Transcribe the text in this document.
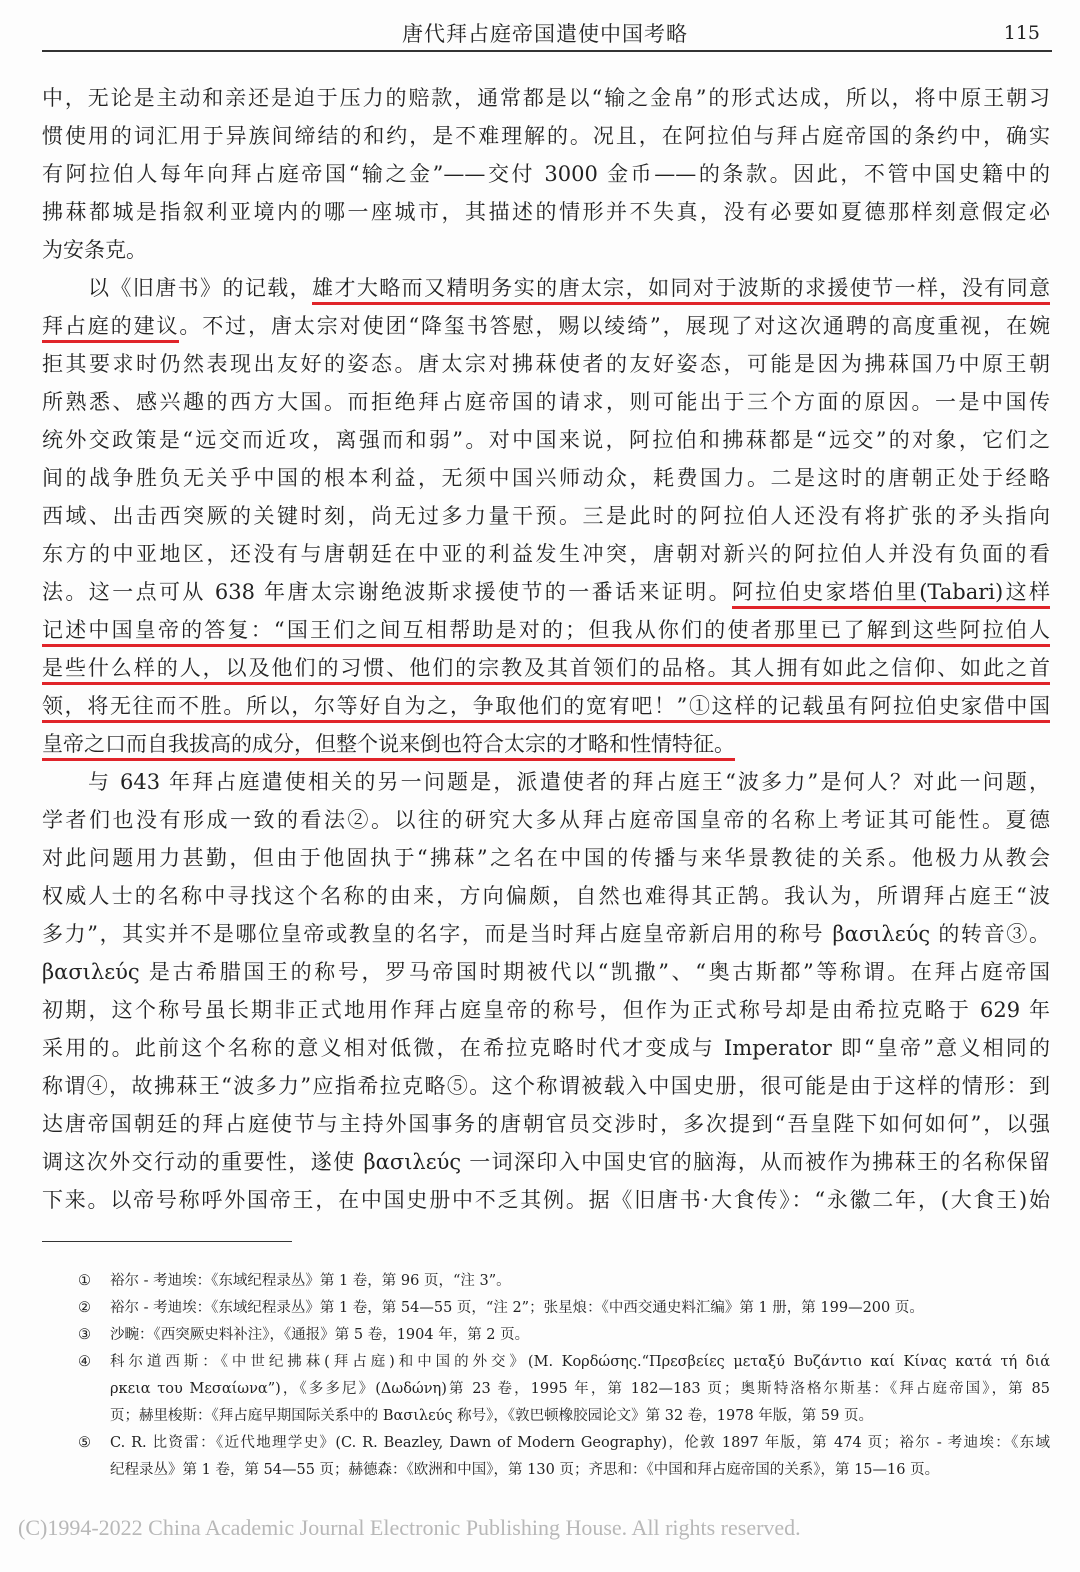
唐代拜占庭帝国遣使中国考略	115
中，无论是主动和亲还是迫于压力的赔款，通常都是以“输之金帛”的形式达成，所以，将中原王朝习
惯使用的词汇用于异族间缔结的和约，是不难理解的。况且，在阿拉伯与拜占庭帝国的条约中，确实
有阿拉伯人每年向拜占庭帝国“输之金”——交付 3000 金币——的条款。因此，不管中国史籍中的
拂菻都城是指叙利亚境内的哪一座城市，其描述的情形并不失真，没有必要如夏德那样刻意假定必
为安条克。
以《旧唐书》的记载，雄才大略而又精明务实的唐太宗，如同对于波斯的求援使节一样，没有同意
拜占庭的建议。不过，唐太宗对使团“降玺书答慰，赐以绫绮”，展现了对这次通聘的高度重视，在婉
拒其要求时仍然表现出友好的姿态。唐太宗对拂菻使者的友好姿态，可能是因为拂菻国乃中原王朝
所熟悉、感兴趣的西方大国。而拒绝拜占庭帝国的请求，则可能出于三个方面的原因。一是中国传
统外交政策是“远交而近攻，离强而和弱”。对中国来说，阿拉伯和拂菻都是“远交”的对象，它们之
间的战争胜负无关乎中国的根本利益，无须中国兴师动众，耗费国力。二是这时的唐朝正处于经略
西域、出击西突厥的关键时刻，尚无过多力量干预。三是此时的阿拉伯人还没有将扩张的矛头指向
东方的中亚地区，还没有与唐朝廷在中亚的利益发生冲突，唐朝对新兴的阿拉伯人并没有负面的看
法。这一点可从 638 年唐太宗谢绝波斯求援使节的一番话来证明。阿拉伯史家塔伯里(Tabari)这样
记述中国皇帝的答复：“国王们之间互相帮助是对的；但我从你们的使者那里已了解到这些阿拉伯人
是些什么样的人，以及他们的习惯、他们的宗教及其首领们的品格。其人拥有如此之信仰、如此之首
领，将无往而不胜。所以，尔等好自为之，争取他们的宽宥吧！”①这样的记载虽有阿拉伯史家借中国
皇帝之口而自我拔高的成分，但整个说来倒也符合太宗的才略和性情特征。
与 643 年拜占庭遣使相关的另一问题是，派遣使者的拜占庭王“波多力”是何人？对此一问题，
学者们也没有形成一致的看法②。以往的研究大多从拜占庭帝国皇帝的名称上考证其可能性。夏德
对此问题用力甚勤，但由于他固执于“拂菻”之名在中国的传播与来华景教徒的关系。他极力从教会
权威人士的名称中寻找这个名称的由来，方向偏颇，自然也难得其正鹄。我认为，所谓拜占庭王“波
多力”，其实并不是哪位皇帝或教皇的名字，而是当时拜占庭皇帝新启用的称号 βασιλεύς 的转音③。
βασιλεύς 是古希腊国王的称号，罗马帝国时期被代以“凯撒”、“奥古斯都”等称谓。在拜占庭帝国
初期，这个称号虽长期非正式地用作拜占庭皇帝的称号，但作为正式称号却是由希拉克略于 629 年
采用的。此前这个名称的意义相对低微，在希拉克略时代才变成与 Imperator 即“皇帝”意义相同的
称谓④，故拂菻王“波多力”应指希拉克略⑤。这个称谓被载入中国史册，很可能是由于这样的情形：到
达唐帝国朝廷的拜占庭使节与主持外国事务的唐朝官员交涉时，多次提到“吾皇陛下如何如何”，以强
调这次外交行动的重要性，遂使 βασιλεύς 一词深印入中国史官的脑海，从而被作为拂菻王的名称保留
下来。以帝号称呼外国帝王，在中国史册中不乏其例。据《旧唐书·大食传》：“永徽二年，(大食王)始
① 裕尔 - 考迪埃：《东域纪程录丛》第 1 卷，第 96 页，“注 3”。
② 裕尔 - 考迪埃：《东域纪程录丛》第 1 卷，第 54—55 页，“注 2”；张星烺：《中西交通史料汇编》第 1 册，第 199—200 页。
③ 沙畹：《西突厥史料补注》，《通报》第 5 卷，1904 年，第 2 页。
④ 科尔道西斯：《中世纪拂菻(拜占庭)和中国的外交》(M. Κορδώσης.“Πρεσβείες μεταξύ Βυζάντιο καί Κίνας κατά τή διά
ρκεια του Μεσαίωνα”)，《多多尼》(Δωδώνη)第 23 卷，1995 年，第 182—183 页；奥斯特洛格尔斯基：《拜占庭帝国》，第 85
页；赫里梭斯：《拜占庭早期国际关系中的 Βασιλεύς 称号》，《敦巴顿橡胶园论文》第 32 卷，1978 年版，第 59 页。
⑤ C. R. 比资雷：《近代地理学史》(C. R. Beazley, Dawn of Modern Geography)，伦敦 1897 年版，第 474 页；裕尔 - 考迪埃：《东域
纪程录丛》第 1 卷，第 54—55 页；赫德森：《欧洲和中国》，第 130 页；齐思和：《中国和拜占庭帝国的关系》，第 15—16 页。
(C)1994-2022 China Academic Journal Electronic Publishing House. All rights reserved.
